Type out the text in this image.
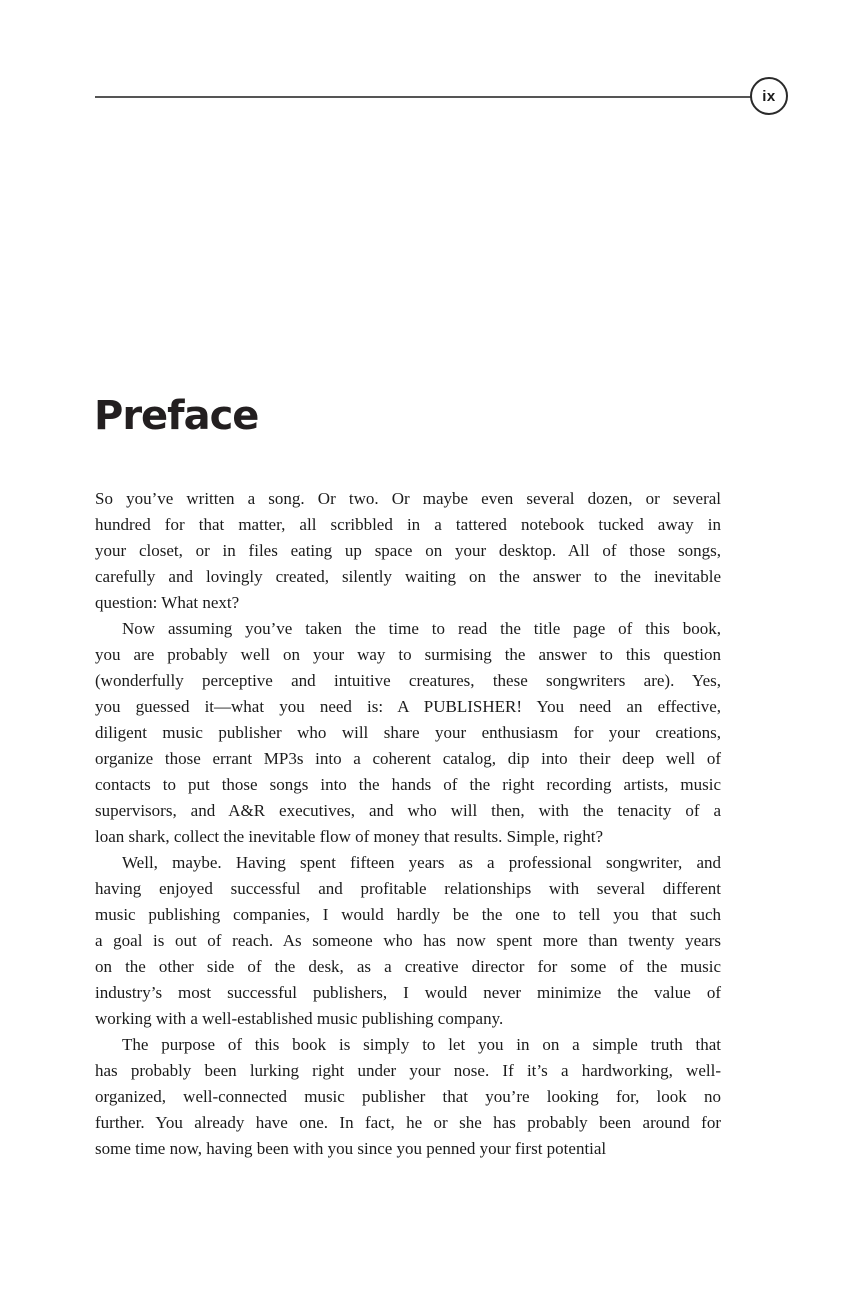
ix
Preface
So you’ve written a song. Or two. Or maybe even several dozen, or several
hundred for that matter, all scribbled in a tattered notebook tucked away in
your closet, or in files eating up space on your desktop. All of those songs,
carefully and lovingly created, silently waiting on the answer to the inevitable
question: What next?
Now assuming you’ve taken the time to read the title page of this book,
you are probably well on your way to surmising the answer to this question
(wonderfully perceptive and intuitive creatures, these songwriters are). Yes,
you guessed it—what you need is: A PUBLISHER! You need an effective,
diligent music publisher who will share your enthusiasm for your creations,
organize those errant MP3s into a coherent catalog, dip into their deep well of
contacts to put those songs into the hands of the right recording artists, music
supervisors, and A&R executives, and who will then, with the tenacity of a
loan shark, collect the inevitable flow of money that results. Simple, right?
Well, maybe. Having spent fifteen years as a professional songwriter, and
having enjoyed successful and profitable relationships with several different
music publishing companies, I would hardly be the one to tell you that such
a goal is out of reach. As someone who has now spent more than twenty years
on the other side of the desk, as a creative director for some of the music
industry’s most successful publishers, I would never minimize the value of
working with a well-established music publishing company.
The purpose of this book is simply to let you in on a simple truth that
has probably been lurking right under your nose. If it’s a hardworking, well-
organized, well-connected music publisher that you’re looking for, look no
further. You already have one. In fact, he or she has probably been around for
some time now, having been with you since you penned your first potential
